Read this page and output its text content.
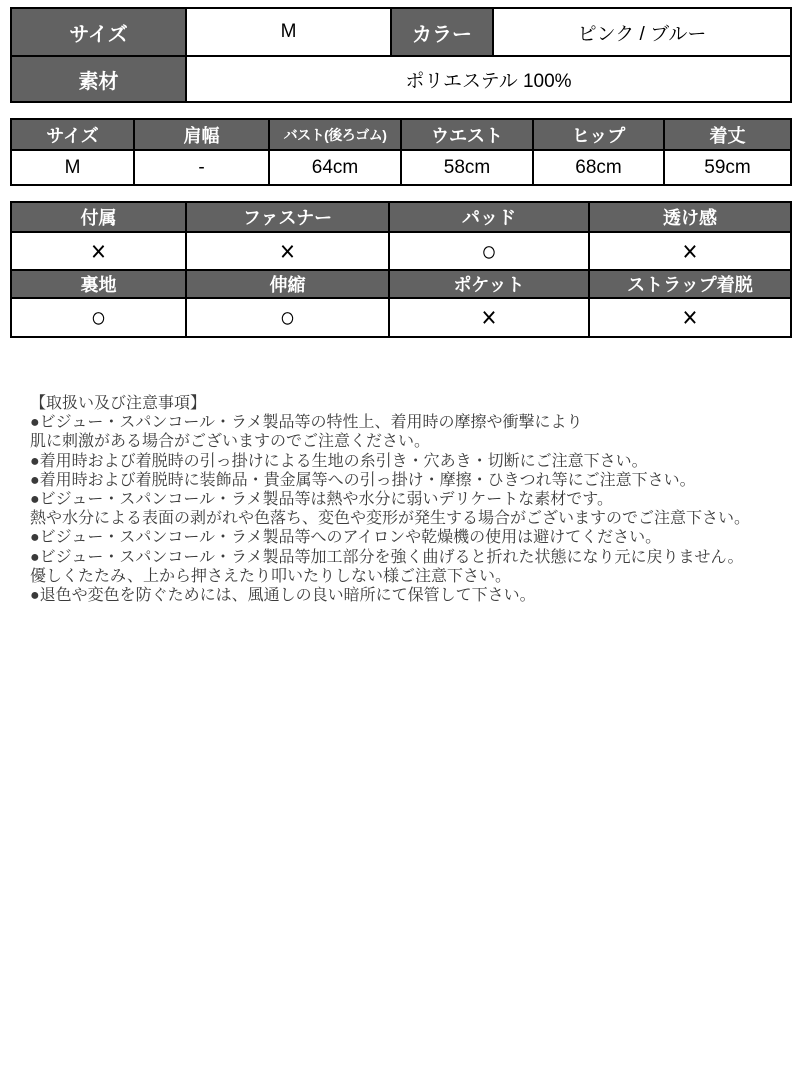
サイズ	M	カラー	ピンク / ブルー
素材	ポリエステル 100%		
サイズ	肩幅	バスト(後ろゴム)	ウエスト	ヒップ	着丈
M	-	64cm	58cm	68cm	59cm
付属	ファスナー	パッド	透け感
×	×	○	×
裏地	伸縮	ポケット	ストラップ着脱
○	○	×	×
【取扱い及び注意事項】
●ビジュー・スパンコール・ラメ製品等の特性上、着用時の摩擦や衝撃により
肌に刺激がある場合がございますのでご注意ください。
●着用時および着脱時の引っ掛けによる生地の糸引き・穴あき・切断にご注意下さい。
●着用時および着脱時に装飾品・貴金属等への引っ掛け・摩擦・ひきつれ等にご注意下さい。
●ビジュー・スパンコール・ラメ製品等は熱や水分に弱いデリケートな素材です。
熱や水分による表面の剥がれや色落ち、変色や変形が発生する場合がございますのでご注意下さい。
●ビジュー・スパンコール・ラメ製品等へのアイロンや乾燥機の使用は避けてください。
●ビジュー・スパンコール・ラメ製品等加工部分を強く曲げると折れた状態になり元に戻りません。
優しくたたみ、上から押さえたり叩いたりしない様ご注意下さい。
●退色や変色を防ぐためには、風通しの良い暗所にて保管して下さい。
